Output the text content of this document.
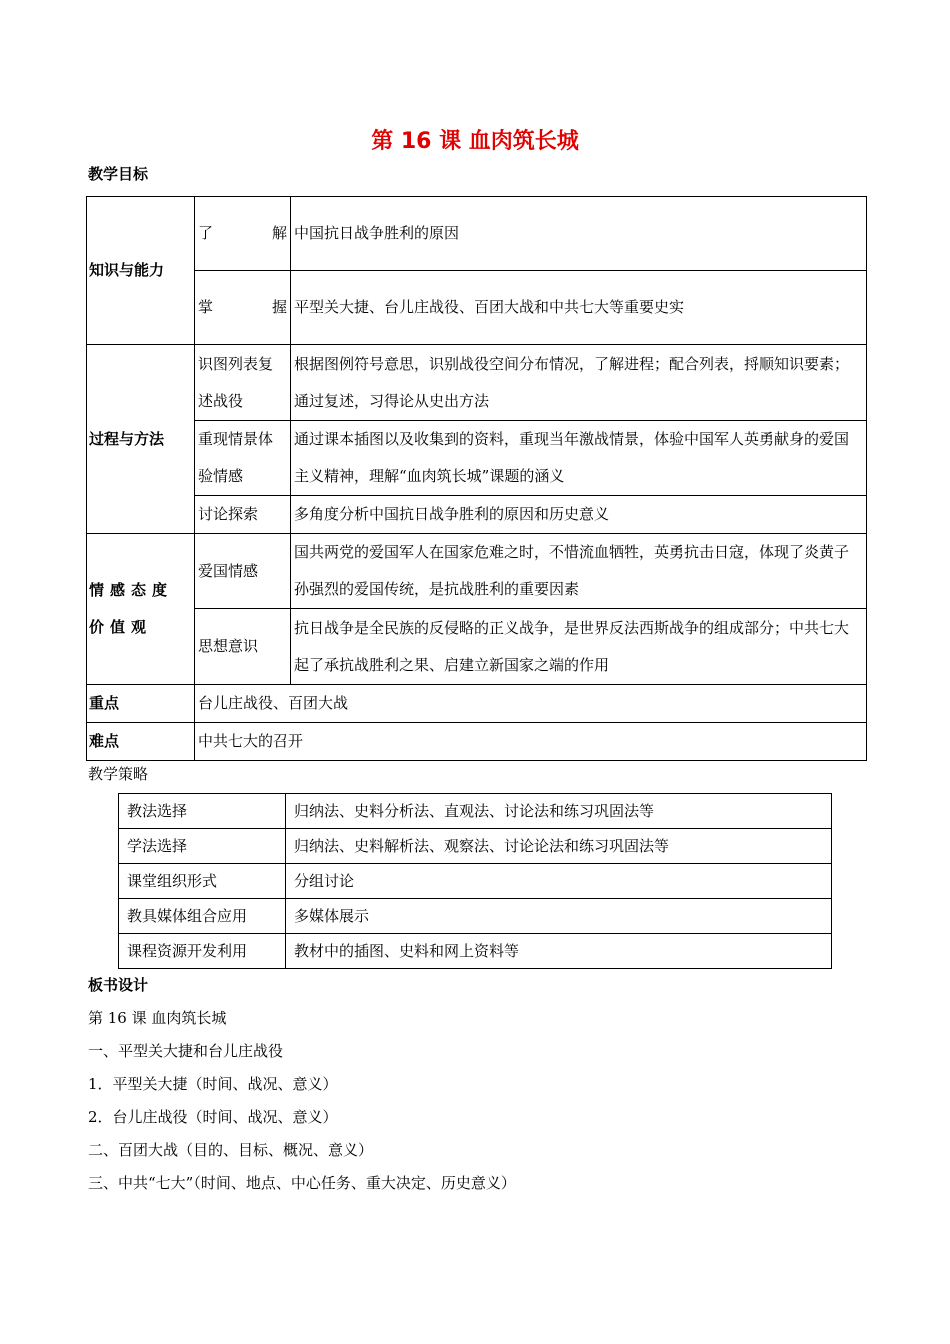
第 16 课 血肉筑长城
教学目标
知识与能力	了 解	中国抗日战争胜利的原因

	掌 握	平型关大捷、台儿庄战役、百团大战和中共七大等重要史实
过程与方法	识图列表复述战役	根据图例符号意思，识别战役空间分布情况，了解进程；配合列表，捋顺知识要素；通过复述，习得论从史出方法
	重现情景体验情感	通过课本插图以及收集到的资料，重现当年激战情景，体验中国军人英勇献身的爱国主义精神，理解“血肉筑长城”课题的涵义
	讨论探索	多角度分析中国抗日战争胜利的原因和历史意义
情感态度价值观	爱国情感	国共两党的爱国军人在国家危难之时，不惜流血牺牲，英勇抗击日寇，体现了炎黄子孙强烈的爱国传统，是抗战胜利的重要因素
	思想意识	抗日战争是全民族的反侵略的正义战争，是世界反法西斯战争的组成部分；中共七大起了承抗战胜利之果、启建立新国家之端的作用
重点	台儿庄战役、百团大战	
难点	中共七大的召开	
教学策略
教法选择	归纳法、史料分析法、直观法、讨论法和练习巩固法等
学法选择	归纳法、史料解析法、观察法、讨论论法和练习巩固法等
课堂组织形式	分组讨论
教具媒体组合应用	多媒体展示
课程资源开发利用	教材中的插图、史料和网上资料等
板书设计
第 16 课 血肉筑长城
一、平型关大捷和台儿庄战役
1．平型关大捷（时间、战况、意义）
2．台儿庄战役（时间、战况、意义）
二、百团大战（目的、目标、概况、意义）
三、中共“七大”（时间、地点、中心任务、重大决定、历史意义）
